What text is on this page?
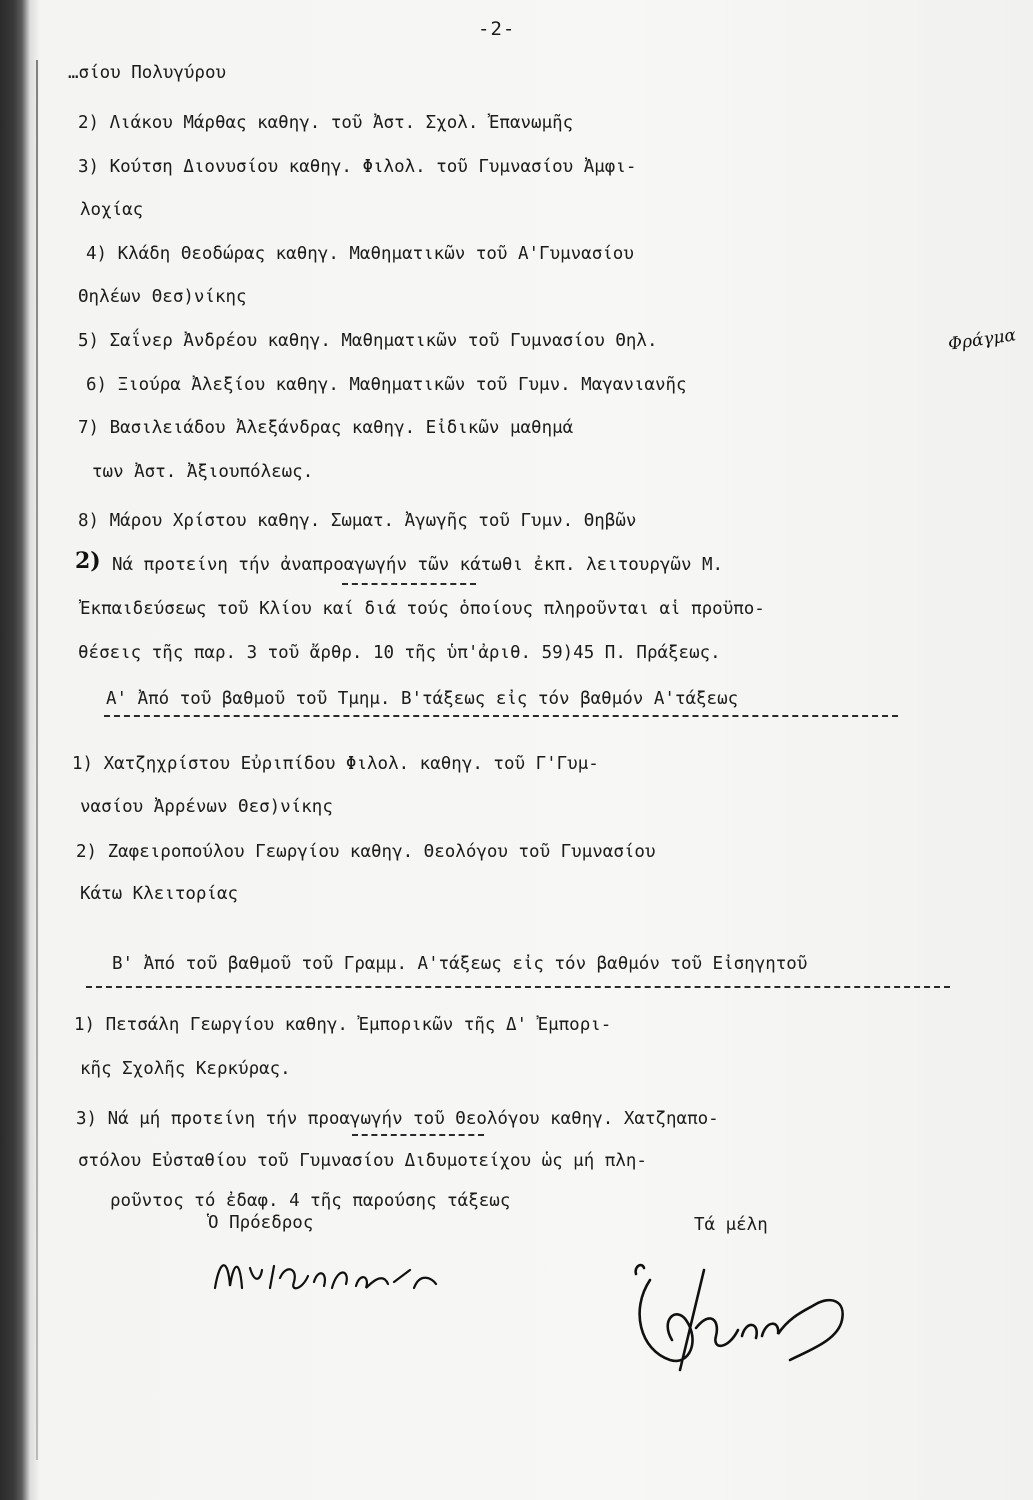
-2-
…σίου Πολυγύρου
2) Λιάκου Μάρθας καθηγ. τοῦ Ἀστ. Σχολ. Ἐπανωμῆς
3) Κούτση Διονυσίου καθηγ. Φιλολ. τοῦ Γυμνασίου Ἀμφι-
λοχίας
4) Κλάδη Θεοδώρας καθηγ. Μαθηματικῶν τοῦ Α'Γυμνασίου
Θηλέων Θεσ)νίκης
5) Σαΐνερ Ἀνδρέου καθηγ. Μαθηματικῶν τοῦ Γυμνασίου Θηλ.
6) Ξιούρα Ἀλεξίου καθηγ. Μαθηματικῶν τοῦ Γυμν. Μαγανιανῆς
7) Βασιλειάδου Ἀλεξάνδρας καθηγ. Εἰδικῶν μαθημά
των Ἀστ. Ἀξιουπόλεως.
8) Μάρου Χρίστου καθηγ. Σωματ. Ἀγωγῆς τοῦ Γυμν. Θηβῶν
2) Νά προτείνη τήν ἀναπροαγωγήν τῶν κάτωθι ἐκπ. λειτουργῶν Μ.
Ἐκπαιδεύσεως τοῦ Κλίου καί διά τούς ὁποίους πληροῦνται αἱ προϋπο-
θέσεις τῆς παρ. 3 τοῦ ἄρθρ. 10 τῆς ὑπ'ἀριθ. 59)45 Π. Πράξεως.
Α' Ἀπό τοῦ βαθμοῦ τοῦ Τμημ. Β'τάξεως εἰς τόν βαθμόν Α'τάξεως
1) Χατζηχρίστου Εὐριπίδου Φιλολ. καθηγ. τοῦ Γ'Γυμ-
νασίου Ἀρρένων Θεσ)νίκης
2) Ζαφειροπούλου Γεωργίου καθηγ. Θεολόγου τοῦ Γυμνασίου
Κάτω Κλειτορίας
Β' Ἀπό τοῦ βαθμοῦ τοῦ Γραμμ. Α'τάξεως εἰς τόν βαθμόν τοῦ Εἰσηγητοῦ
1) Πετσάλη Γεωργίου καθηγ. Ἐμπορικῶν τῆς Δ' Ἐμπορι-
κῆς Σχολῆς Κερκύρας.
3) Νά μή προτείνη τήν προαγωγήν τοῦ Θεολόγου καθηγ. Χατζηαπο-
στόλου Εὐσταθίου τοῦ Γυμνασίου Διδυμοτείχου ὡς μή πλη-
ροῦντος τό ἐδαφ. 4 τῆς παρούσης τάξεως
Ὁ Πρόεδρος	Τά μέλη
Φράγμα
